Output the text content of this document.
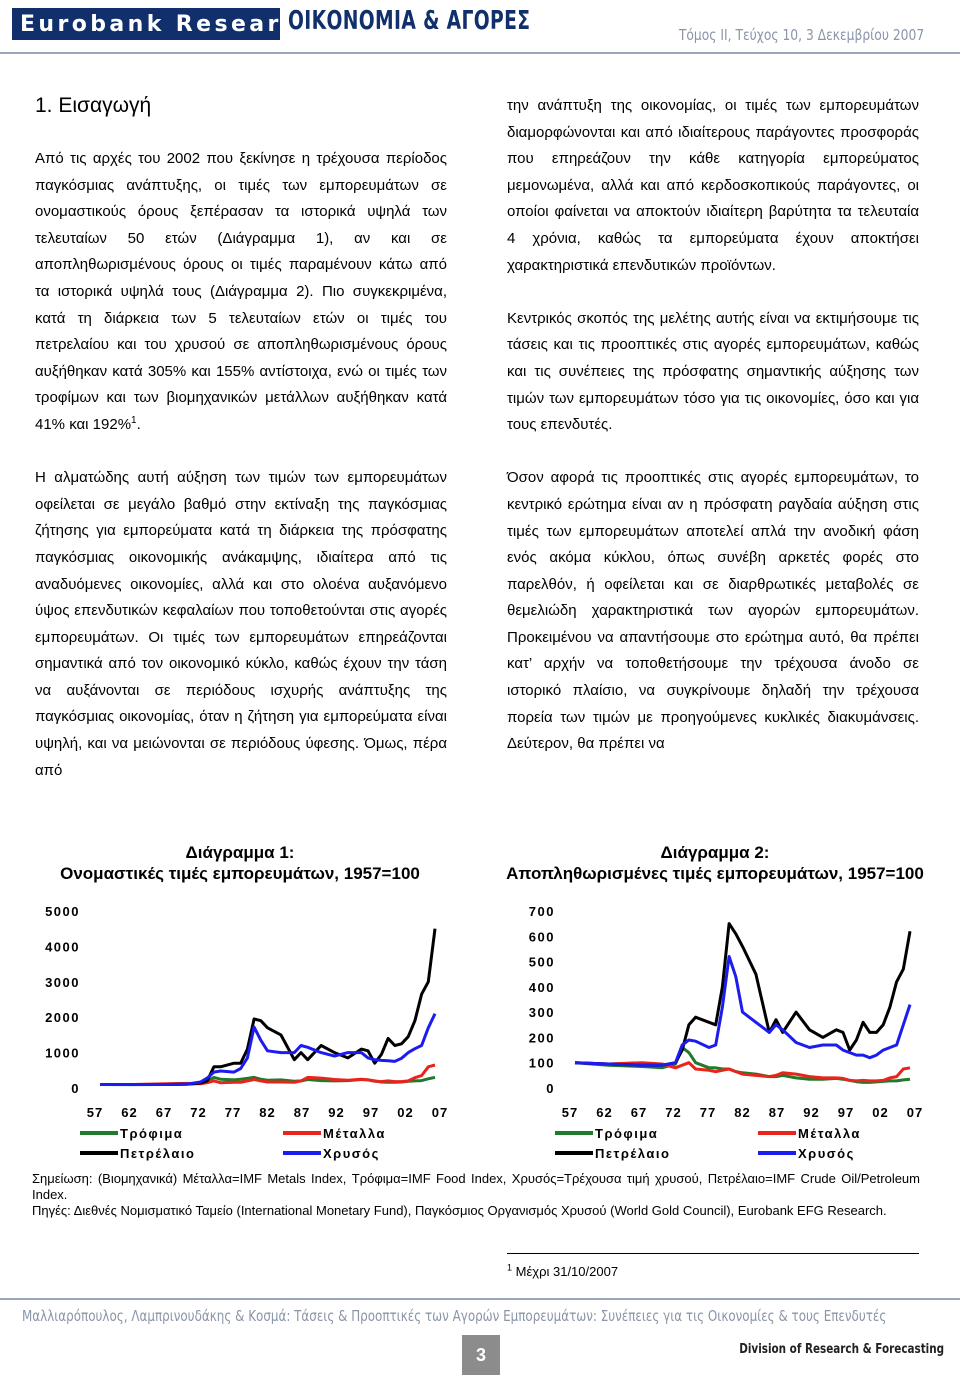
Eurobank Research
ΟΙΚΟΝΟΜΙΑ & ΑΓΟΡΕΣ	Τόμος ΙΙ, Τεύχος 10, 3 Δεκεμβρίου 2007
1. Εισαγωγή

Από τις αρχές του 2002 που ξεκίνησε η τρέχουσα περίοδος παγκόσμιας ανάπτυξης, οι τιμές των εμπορευμάτων σε ονομαστικούς όρους ξεπέρασαν τα ιστορικά υψηλά των τελευταίων 50 ετών (Διάγραμμα 1), αν και σε αποπληθωρισμένους όρους οι τιμές παραμένουν κάτω από τα ιστορικά υψηλά τους (Διάγραμμα 2). Πιο συγκεκριμένα, κατά τη διάρκεια των 5 τελευταίων ετών οι τιμές του πετρελαίου και του χρυσού σε αποπληθωρισμένους όρους αυξήθηκαν κατά 305% και 155% αντίστοιχα, ενώ οι τιμές των τροφίμων και των βιομηχανικών μετάλλων αυξήθηκαν κατά 41% και 192%$^1$.

Η αλματώδης αυτή αύξηση των τιμών των εμπορευμάτων οφείλεται σε μεγάλο βαθμό στην εκτίναξη της παγκόσμιας ζήτησης για εμπορεύματα κατά τη διάρκεια της πρόσφατης παγκόσμιας οικονομικής ανάκαμψης, ιδιαίτερα από τις αναδυόμενες οικονομίες, αλλά και στο ολοένα αυξανόμενο ύψος επενδυτικών κεφαλαίων που τοποθετούνται στις αγορές εμπορευμάτων. Οι τιμές των εμπορευμάτων επηρεάζονται σημαντικά από τον οικονομικό κύκλο, καθώς έχουν την τάση να αυξάνονται σε περιόδους ισχυρής ανάπτυξης της παγκόσμιας οικονομίας, όταν η ζήτηση για εμπορεύματα είναι υψηλή, και να μειώνονται σε περιόδους ύφεσης. Όμως, πέρα από

την ανάπτυξη της οικονομίας, οι τιμές των εμπορευμάτων διαμορφώνονται και από ιδιαίτερους παράγοντες προσφοράς που επηρεάζουν την κάθε κατηγορία εμπορεύματος μεμονωμένα, αλλά και από κερδοσκοπικούς παράγοντες, οι οποίοι φαίνεται να αποκτούν ιδιαίτερη βαρύτητα τα τελευταία 4 χρόνια, καθώς τα εμπορεύματα έχουν αποκτήσει χαρακτηριστικά επενδυτικών προϊόντων.

Κεντρικός σκοπός της μελέτης αυτής είναι να εκτιμήσουμε τις τάσεις και τις προοπτικές στις αγορές εμπορευμάτων, καθώς και τις συνέπειες της πρόσφατης σημαντικής αύξησης των τιμών των εμπορευμάτων τόσο για τις οικονομίες, όσο και για τους επενδυτές.

Όσον αφορά τις προοπτικές στις αγορές εμπορευμάτων, το κεντρικό ερώτημα είναι αν η πρόσφατη ραγδαία αύξηση στις τιμές των εμπορευμάτων αποτελεί απλά την ανοδική φάση ενός ακόμα κύκλου, όπως συνέβη αρκετές φορές στο παρελθόν, ή οφείλεται και σε διαρθρωτικές μεταβολές σε θεμελιώδη χαρακτηριστικά των αγορών εμπορευμάτων. Προκειμένου να απαντήσουμε στο ερώτημα αυτό, θα πρέπει κατ’ αρχήν να τοποθετήσουμε την τρέχουσα άνοδο σε ιστορικό πλαίσιο, να συγκρίνουμε δηλαδή την τρέχουσα πορεία των τιμών με προηγούμενες κυκλικές διακυμάνσεις. Δεύτερον, θα πρέπει να

Διάγραμμα 1:
Ονομαστικές τιμές εμπορευμάτων, 1957=100
0
1000
2000
3000
4000
5000
57 62 67 72 77 82 87 92 97 02 07
Τρόφιμα	Μέταλλα
Πετρέλαιο	Χρυσός
Διάγραμμα 2:
Αποπληθωρισμένες τιμές εμπορευμάτων, 1957=100
0
100
200
300
400
500
600
700
57 62 67 72 77 82 87 92 97 02 07
Τρόφιμα	Μέταλλα
Πετρέλαιο	Χρυσός
Σημείωση: (Βιομηχανικά) Μέταλλα=IMF Metals Index, Τρόφιμα=IMF Food Index, Χρυσός=Τρέχουσα τιμή χρυσού, Πετρέλαιο=IMF Crude Oil/Petroleum Index.
Πηγές: Διεθνές Νομισματικό Ταμείο (International Monetary Fund), Παγκόσμιος Οργανισμός Χρυσού (World Gold Council), Eurobank EFG Research.
$^1$ Μέχρι 31/10/2007
Μαλλιαρόπουλος, Λαμπρινουδάκης & Κοσμά: Τάσεις & Προοπτικές των Αγορών Εμπορευμάτων: Συνέπειες για τις Οικονομίες & τους Επενδυτές
3	Division of Research & Forecasting
